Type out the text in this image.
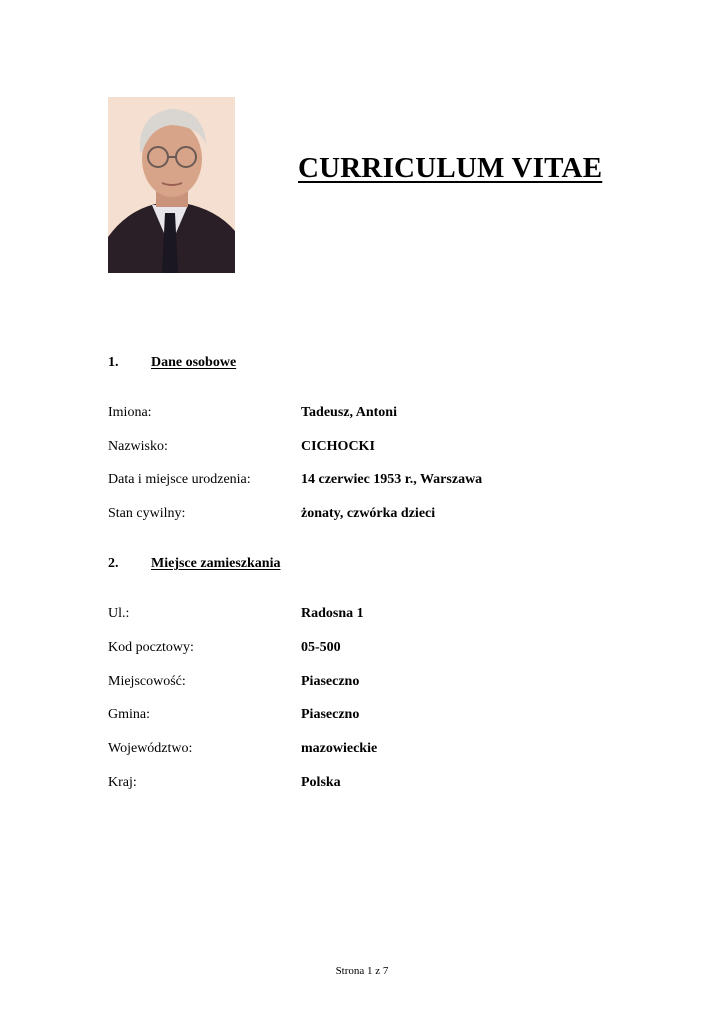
CURRICULUM VITAE
1. Dane osobowe
Imiona:	Tadeusz, Antoni
Nazwisko:	CICHOCKI
Data i miejsce urodzenia:	14 czerwiec 1953 r., Warszawa
Stan cywilny:	żonaty, czwórka dzieci
2. Miejsce zamieszkania
Ul.:	Radosna 1
Kod pocztowy:	05-500
Miejscowość:	Piaseczno
Gmina:	Piaseczno
Województwo:	mazowieckie
Kraj:	Polska
Strona 1 z 7
